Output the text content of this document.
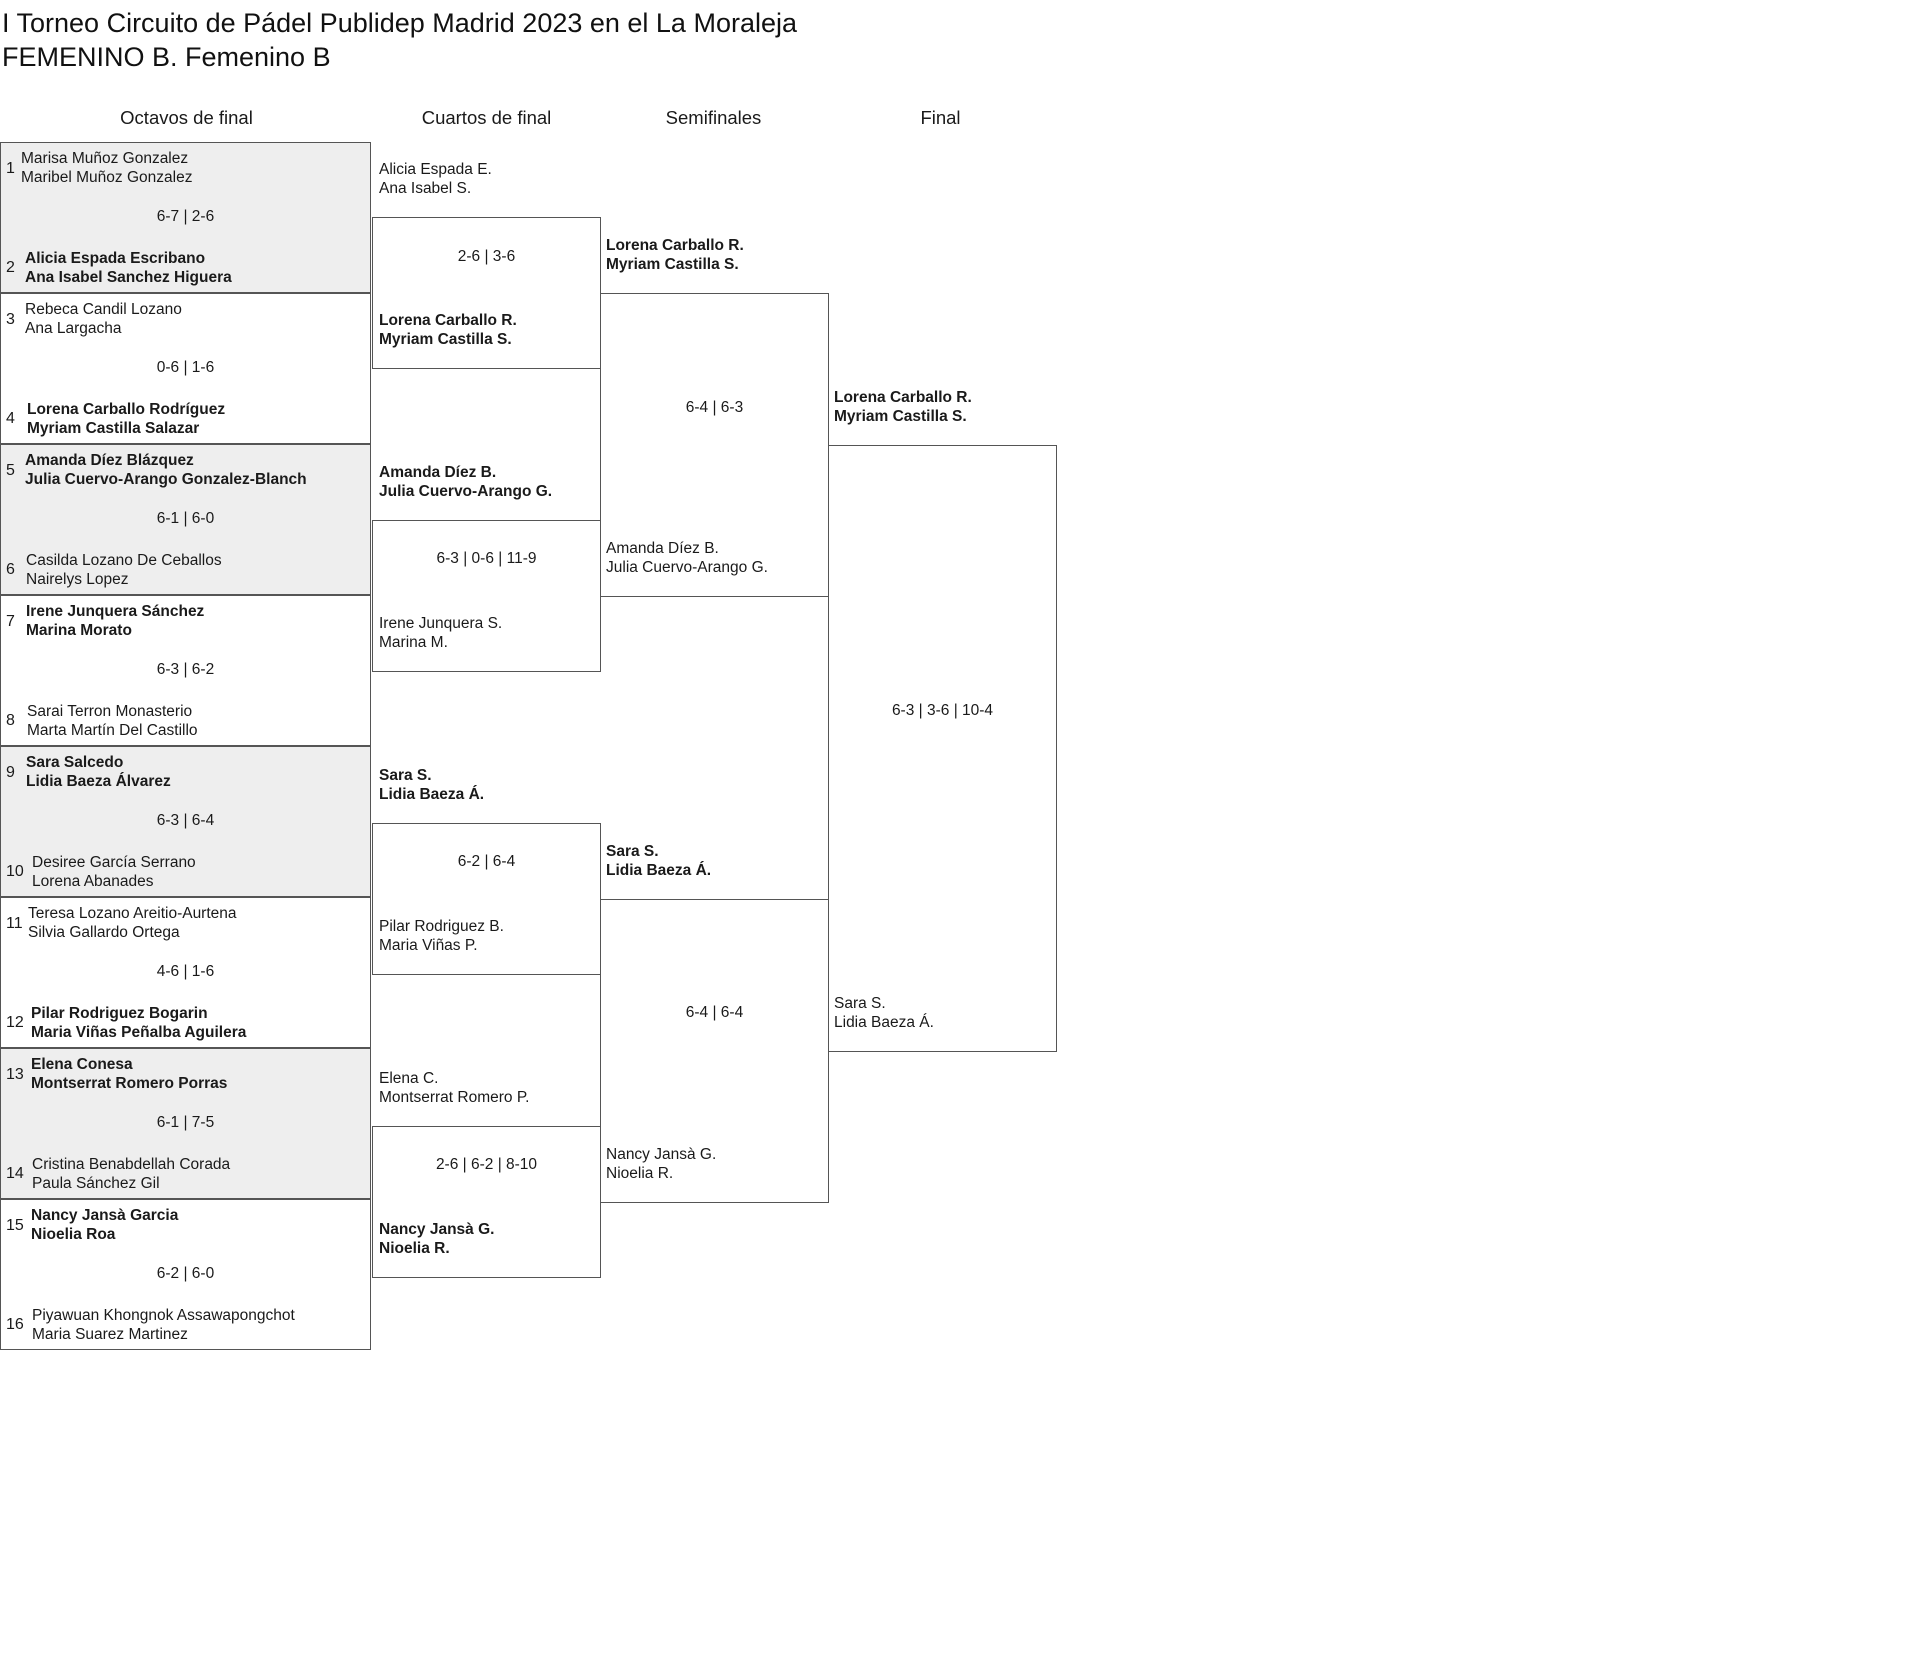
I Torneo Circuito de Pádel Publidep Madrid 2023 en el La Moraleja
FEMENINO B. Femenino B
Octavos de final	Cuartos de final	Semifinales	Final
1
Marisa Muñoz Gonzalez
Maribel Muñoz Gonzalez
6-7 | 2-6
2
Alicia Espada Escribano
Ana Isabel Sanchez Higuera
3
Rebeca Candil Lozano
Ana Largacha
0-6 | 1-6
4
Lorena Carballo Rodríguez
Myriam Castilla Salazar
5
Amanda Díez Blázquez
Julia Cuervo-Arango Gonzalez-Blanch
6-1 | 6-0
6
Casilda Lozano De Ceballos
Nairelys Lopez
7
Irene Junquera Sánchez
Marina Morato
6-3 | 6-2
8
Sarai Terron Monasterio
Marta Martín Del Castillo
9
Sara Salcedo
Lidia Baeza Álvarez
6-3 | 6-4
10
Desiree García Serrano
Lorena Abanades
11
Teresa Lozano Areitio-Aurtena
Silvia Gallardo Ortega
4-6 | 1-6
12
Pilar Rodriguez Bogarin
Maria Viñas Peñalba Aguilera
13
Elena Conesa
Montserrat Romero Porras
6-1 | 7-5
14
Cristina Benabdellah Corada
Paula Sánchez Gil
15
Nancy Jansà Garcia
Nioelia Roa
6-2 | 6-0
16
Piyawuan Khongnok Assawapongchot
Maria Suarez Martinez
Alicia Espada E.
Ana Isabel S.
2-6 | 3-6
Lorena Carballo R.
Myriam Castilla S.
Amanda Díez B.
Julia Cuervo-Arango G.
6-3 | 0-6 | 11-9
Irene Junquera S.
Marina M.
Sara S.
Lidia Baeza Á.
6-2 | 6-4
Pilar Rodriguez B.
Maria Viñas P.
Elena C.
Montserrat Romero P.
2-6 | 6-2 | 8-10
Nancy Jansà G.
Nioelia R.
Lorena Carballo R.
Myriam Castilla S.
6-4 | 6-3
Amanda Díez B.
Julia Cuervo-Arango G.
Sara S.
Lidia Baeza Á.
6-4 | 6-4
Nancy Jansà G.
Nioelia R.
Lorena Carballo R.
Myriam Castilla S.
6-3 | 3-6 | 10-4
Sara S.
Lidia Baeza Á.
